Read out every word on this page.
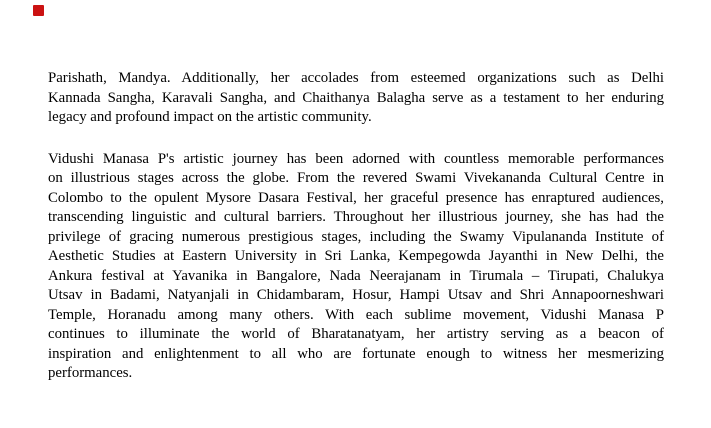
Parishath, Mandya. Additionally, her accolades from esteemed organizations such as Delhi
Kannada Sangha, Karavali Sangha, and Chaithanya Balagha serve as a testament to her enduring
legacy and profound impact on the artistic community.
Vidushi Manasa P's artistic journey has been adorned with countless memorable performances
on illustrious stages across the globe. From the revered Swami Vivekananda Cultural Centre in
Colombo to the opulent Mysore Dasara Festival, her graceful presence has enraptured audiences,
transcending linguistic and cultural barriers. Throughout her illustrious journey, she has had the
privilege of gracing numerous prestigious stages, including the Swamy Vipulananda Institute of
Aesthetic Studies at Eastern University in Sri Lanka, Kempegowda Jayanthi in New Delhi, the
Ankura festival at Yavanika in Bangalore, Nada Neerajanam in Tirumala – Tirupati, Chalukya
Utsav in Badami, Natyanjali in Chidambaram, Hosur, Hampi Utsav and Shri Annapoorneshwari
Temple, Horanadu among many others. With each sublime movement, Vidushi Manasa P
continues to illuminate the world of Bharatanatyam, her artistry serving as a beacon of
inspiration and enlightenment to all who are fortunate enough to witness her mesmerizing
performances.
